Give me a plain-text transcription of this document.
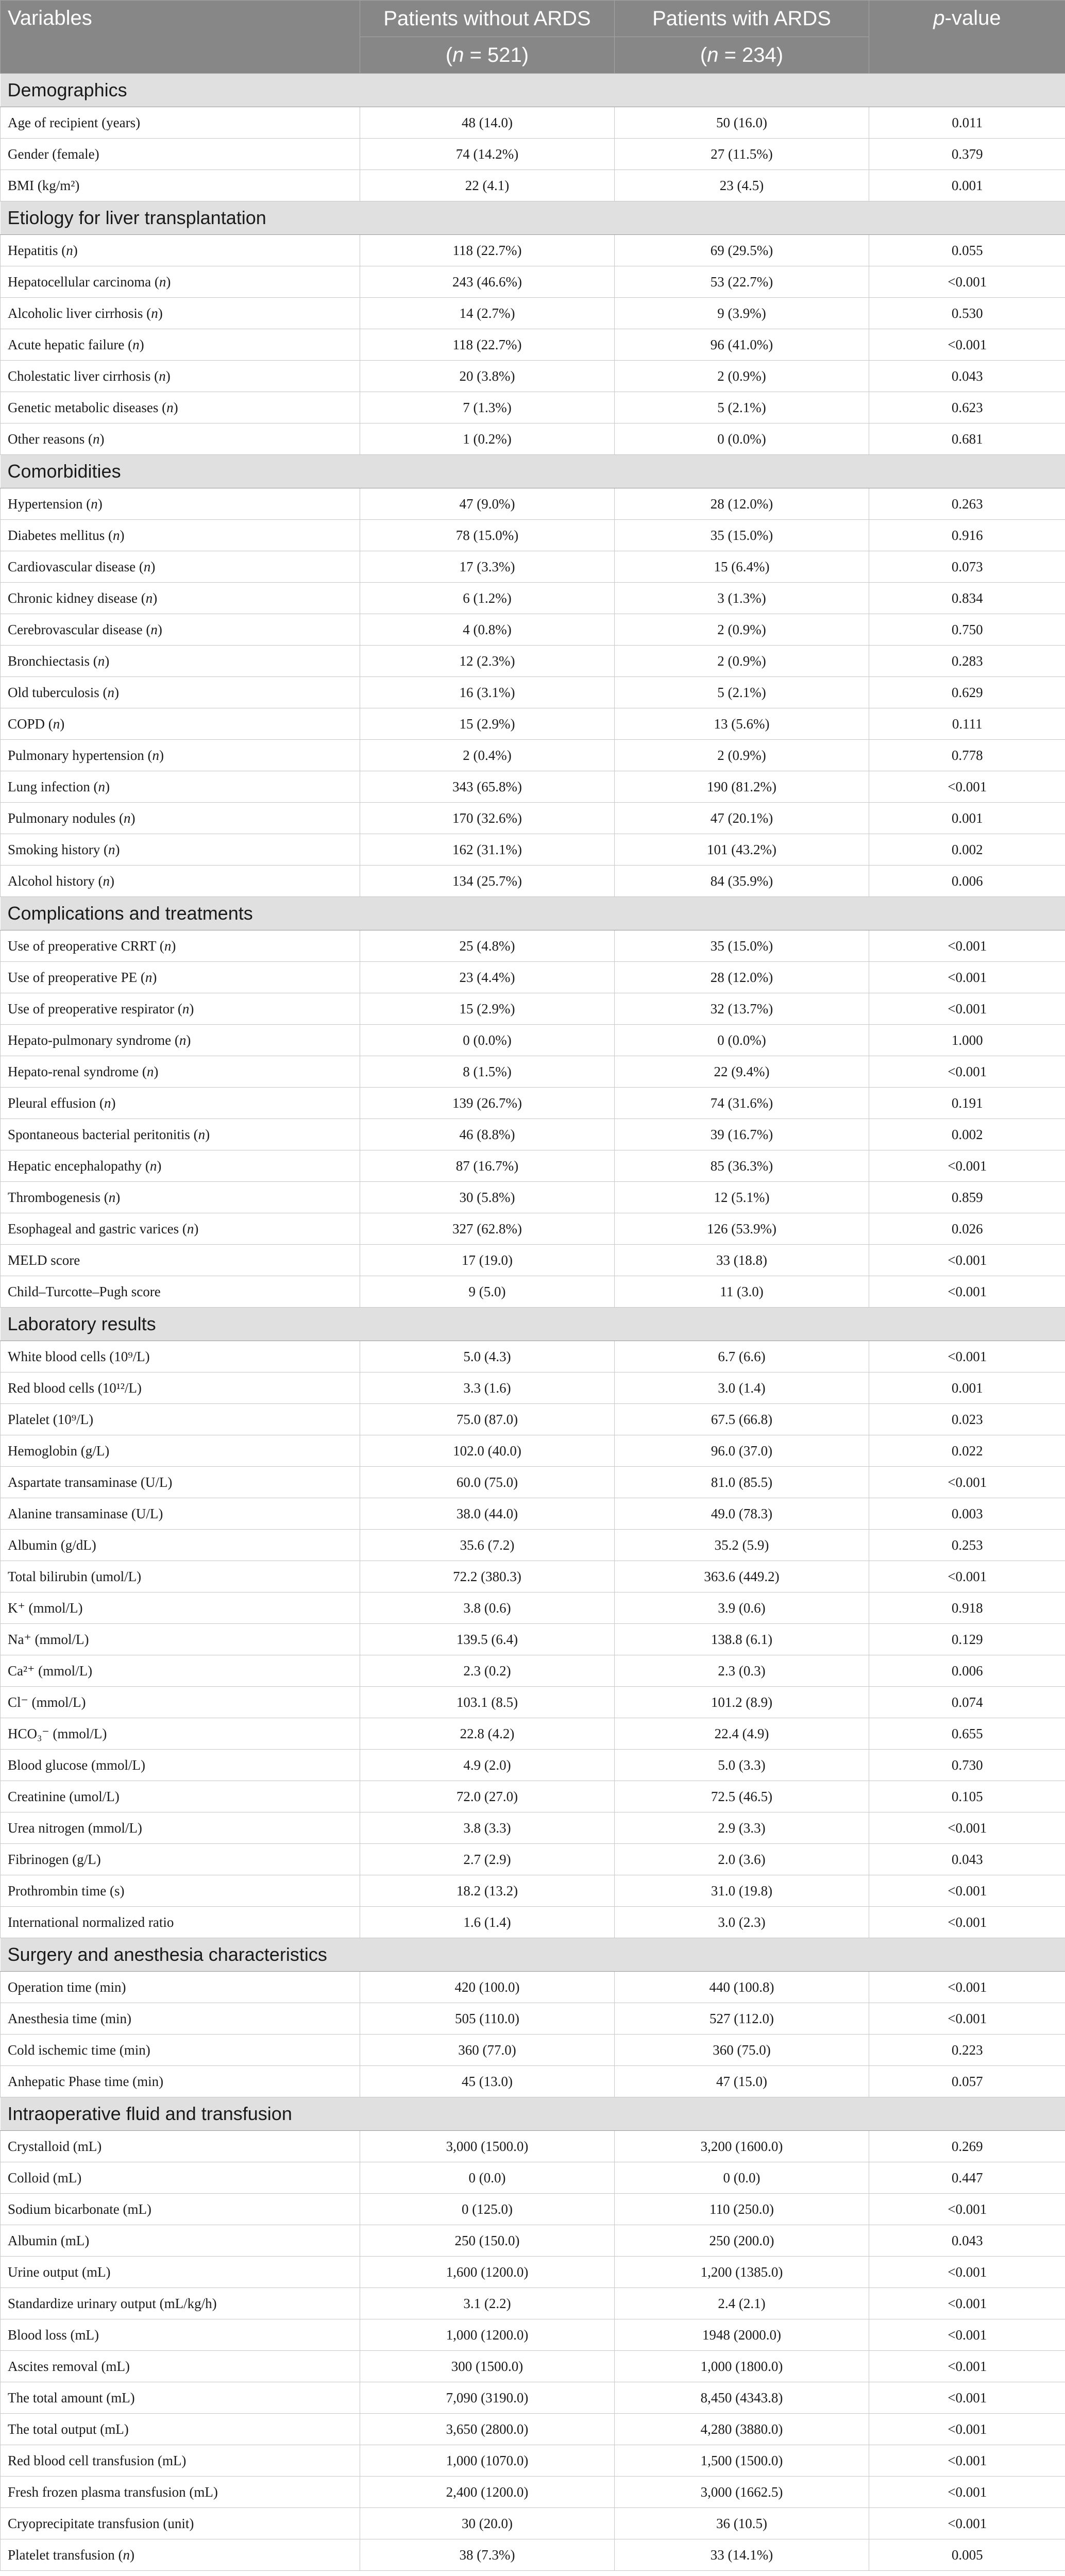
Variables	Patients without ARDS	Patients with ARDS	p-value
	(n = 521)	(n = 234)	
Demographics			
Age of recipient (years)	48 (14.0)	50 (16.0)	0.011
Gender (female)	74 (14.2%)	27 (11.5%)	0.379
BMI (kg/m²)	22 (4.1)	23 (4.5)	0.001
Etiology for liver transplantation			
Hepatitis (n)	118 (22.7%)	69 (29.5%)	0.055
Hepatocellular carcinoma (n)	243 (46.6%)	53 (22.7%)	<0.001
Alcoholic liver cirrhosis (n)	14 (2.7%)	9 (3.9%)	0.530
Acute hepatic failure (n)	118 (22.7%)	96 (41.0%)	<0.001
Cholestatic liver cirrhosis (n)	20 (3.8%)	2 (0.9%)	0.043
Genetic metabolic diseases (n)	7 (1.3%)	5 (2.1%)	0.623
Other reasons (n)	1 (0.2%)	0 (0.0%)	0.681
Comorbidities			
Hypertension (n)	47 (9.0%)	28 (12.0%)	0.263
Diabetes mellitus (n)	78 (15.0%)	35 (15.0%)	0.916
Cardiovascular disease (n)	17 (3.3%)	15 (6.4%)	0.073
Chronic kidney disease (n)	6 (1.2%)	3 (1.3%)	0.834
Cerebrovascular disease (n)	4 (0.8%)	2 (0.9%)	0.750
Bronchiectasis (n)	12 (2.3%)	2 (0.9%)	0.283
Old tuberculosis (n)	16 (3.1%)	5 (2.1%)	0.629
COPD (n)	15 (2.9%)	13 (5.6%)	0.111
Pulmonary hypertension (n)	2 (0.4%)	2 (0.9%)	0.778
Lung infection (n)	343 (65.8%)	190 (81.2%)	<0.001
Pulmonary nodules (n)	170 (32.6%)	47 (20.1%)	0.001
Smoking history (n)	162 (31.1%)	101 (43.2%)	0.002
Alcohol history (n)	134 (25.7%)	84 (35.9%)	0.006
Complications and treatments			
Use of preoperative CRRT (n)	25 (4.8%)	35 (15.0%)	<0.001
Use of preoperative PE (n)	23 (4.4%)	28 (12.0%)	<0.001
Use of preoperative respirator (n)	15 (2.9%)	32 (13.7%)	<0.001
Hepato-pulmonary syndrome (n)	0 (0.0%)	0 (0.0%)	1.000
Hepato-renal syndrome (n)	8 (1.5%)	22 (9.4%)	<0.001
Pleural effusion (n)	139 (26.7%)	74 (31.6%)	0.191
Spontaneous bacterial peritonitis (n)	46 (8.8%)	39 (16.7%)	0.002
Hepatic encephalopathy (n)	87 (16.7%)	85 (36.3%)	<0.001
Thrombogenesis (n)	30 (5.8%)	12 (5.1%)	0.859
Esophageal and gastric varices (n)	327 (62.8%)	126 (53.9%)	0.026
MELD score	17 (19.0)	33 (18.8)	<0.001
Child–Turcotte–Pugh score	9 (5.0)	11 (3.0)	<0.001
Laboratory results			
White blood cells (10⁹/L)	5.0 (4.3)	6.7 (6.6)	<0.001
Red blood cells (10¹²/L)	3.3 (1.6)	3.0 (1.4)	0.001
Platelet (10⁹/L)	75.0 (87.0)	67.5 (66.8)	0.023
Hemoglobin (g/L)	102.0 (40.0)	96.0 (37.0)	0.022
Aspartate transaminase (U/L)	60.0 (75.0)	81.0 (85.5)	<0.001
Alanine transaminase (U/L)	38.0 (44.0)	49.0 (78.3)	0.003
Albumin (g/dL)	35.6 (7.2)	35.2 (5.9)	0.253
Total bilirubin (umol/L)	72.2 (380.3)	363.6 (449.2)	<0.001
K⁺ (mmol/L)	3.8 (0.6)	3.9 (0.6)	0.918
Na⁺ (mmol/L)	139.5 (6.4)	138.8 (6.1)	0.129
Ca²⁺ (mmol/L)	2.3 (0.2)	2.3 (0.3)	0.006
Cl⁻ (mmol/L)	103.1 (8.5)	101.2 (8.9)	0.074
HCO₃⁻ (mmol/L)	22.8 (4.2)	22.4 (4.9)	0.655
Blood glucose (mmol/L)	4.9 (2.0)	5.0 (3.3)	0.730
Creatinine (umol/L)	72.0 (27.0)	72.5 (46.5)	0.105
Urea nitrogen (mmol/L)	3.8 (3.3)	2.9 (3.3)	<0.001
Fibrinogen (g/L)	2.7 (2.9)	2.0 (3.6)	0.043
Prothrombin time (s)	18.2 (13.2)	31.0 (19.8)	<0.001
International normalized ratio	1.6 (1.4)	3.0 (2.3)	<0.001
Surgery and anesthesia characteristics			
Operation time (min)	420 (100.0)	440 (100.8)	<0.001
Anesthesia time (min)	505 (110.0)	527 (112.0)	<0.001
Cold ischemic time (min)	360 (77.0)	360 (75.0)	0.223
Anhepatic Phase time (min)	45 (13.0)	47 (15.0)	0.057
Intraoperative fluid and transfusion			
Crystalloid (mL)	3,000 (1500.0)	3,200 (1600.0)	0.269
Colloid (mL)	0 (0.0)	0 (0.0)	0.447
Sodium bicarbonate (mL)	0 (125.0)	110 (250.0)	<0.001
Albumin (mL)	250 (150.0)	250 (200.0)	0.043
Urine output (mL)	1,600 (1200.0)	1,200 (1385.0)	<0.001
Standardize urinary output (mL/kg/h)	3.1 (2.2)	2.4 (2.1)	<0.001
Blood loss (mL)	1,000 (1200.0)	1948 (2000.0)	<0.001
Ascites removal (mL)	300 (1500.0)	1,000 (1800.0)	<0.001
The total amount (mL)	7,090 (3190.0)	8,450 (4343.8)	<0.001
The total output (mL)	3,650 (2800.0)	4,280 (3880.0)	<0.001
Red blood cell transfusion (mL)	1,000 (1070.0)	1,500 (1500.0)	<0.001
Fresh frozen plasma transfusion (mL)	2,400 (1200.0)	3,000 (1662.5)	<0.001
Cryoprecipitate transfusion (unit)	30 (20.0)	36 (10.5)	<0.001
Platelet transfusion (n)	38 (7.3%)	33 (14.1%)	0.005
